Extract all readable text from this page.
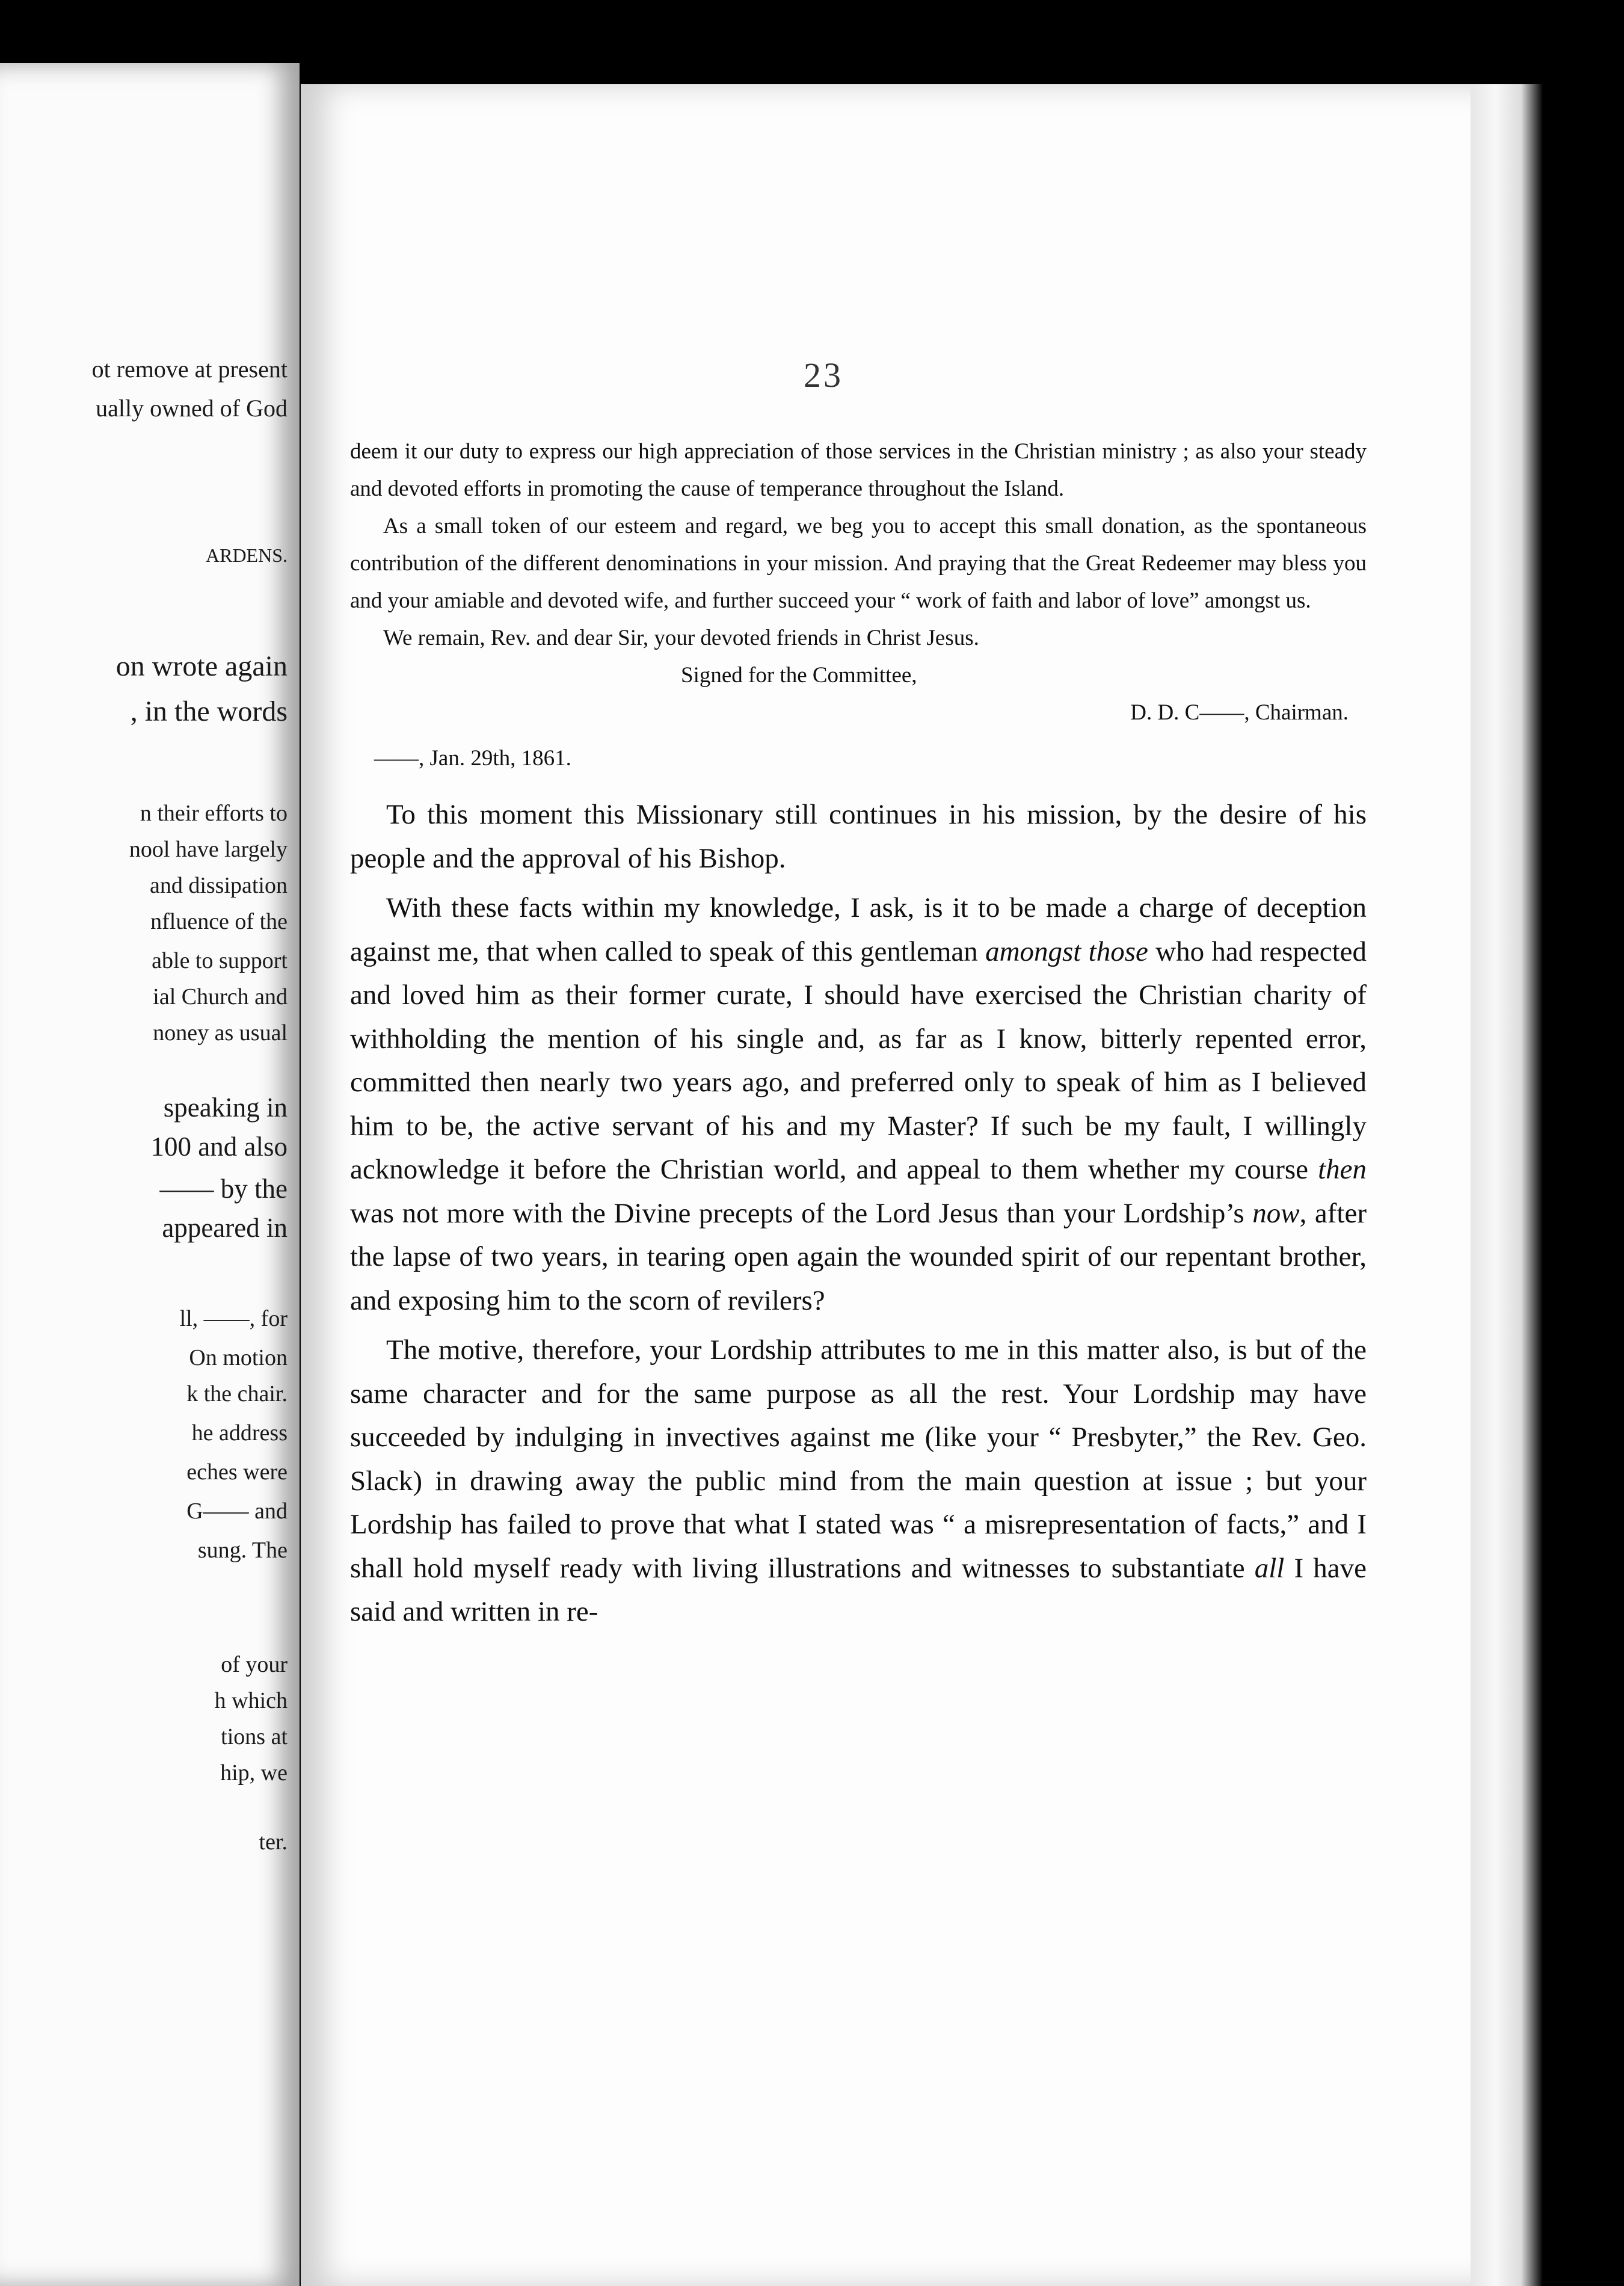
ot remove at present
ually owned of God
ARDENS.
on wrote again
, in the words
n their efforts to
nool have largely
and dissipation
nfluence of the
able to support
ial Church and
noney as usual
speaking in
100 and also
—— by the
appeared in
ll, ——, for
On motion
k the chair.
he address
eches were
G—— and
sung. The
of your
h which
tions at
hip, we
ter.
23

deem it our duty to express our high appreciation of those services in the Christian ministry ; as also your steady and devoted efforts in promoting the cause of temperance throughout the Island.

As a small token of our esteem and regard, we beg you to accept this small donation, as the spontaneous contribution of the different denominations in your mission. And praying that the Great Redeemer may bless you and your amiable and devoted wife, and further succeed your “ work of faith and labor of love” amongst us.

We remain, Rev. and dear Sir, your devoted friends in Christ Jesus.

Signed for the Committee,

D. D. C——, Chairman.

——, Jan. 29th, 1861.

To this moment this Missionary still continues in his mission, by the desire of his people and the approval of his Bishop.

With these facts within my knowledge, I ask, is it to be made a charge of deception against me, that when called to speak of this gentleman amongst those who had respected and loved him as their former curate, I should have exercised the Christian charity of withholding the mention of his single and, as far as I know, bitterly repented error, committed then nearly two years ago, and preferred only to speak of him as I believed him to be, the active servant of his and my Master? If such be my fault, I willingly acknowledge it before the Christian world, and appeal to them whether my course then was not more with the Divine precepts of the Lord Jesus than your Lordship’s now, after the lapse of two years, in tearing open again the wounded spirit of our repentant brother, and exposing him to the scorn of revilers?

The motive, therefore, your Lordship attributes to me in this matter also, is but of the same character and for the same purpose as all the rest. Your Lordship may have succeeded by indulging in invectives against me (like your “ Presbyter,” the Rev. Geo. Slack) in drawing away the public mind from the main question at issue ; but your Lordship has failed to prove that what I stated was “ a misrepresentation of facts,” and I shall hold myself ready with living illustrations and witnesses to substantiate all I have said and written in re-
